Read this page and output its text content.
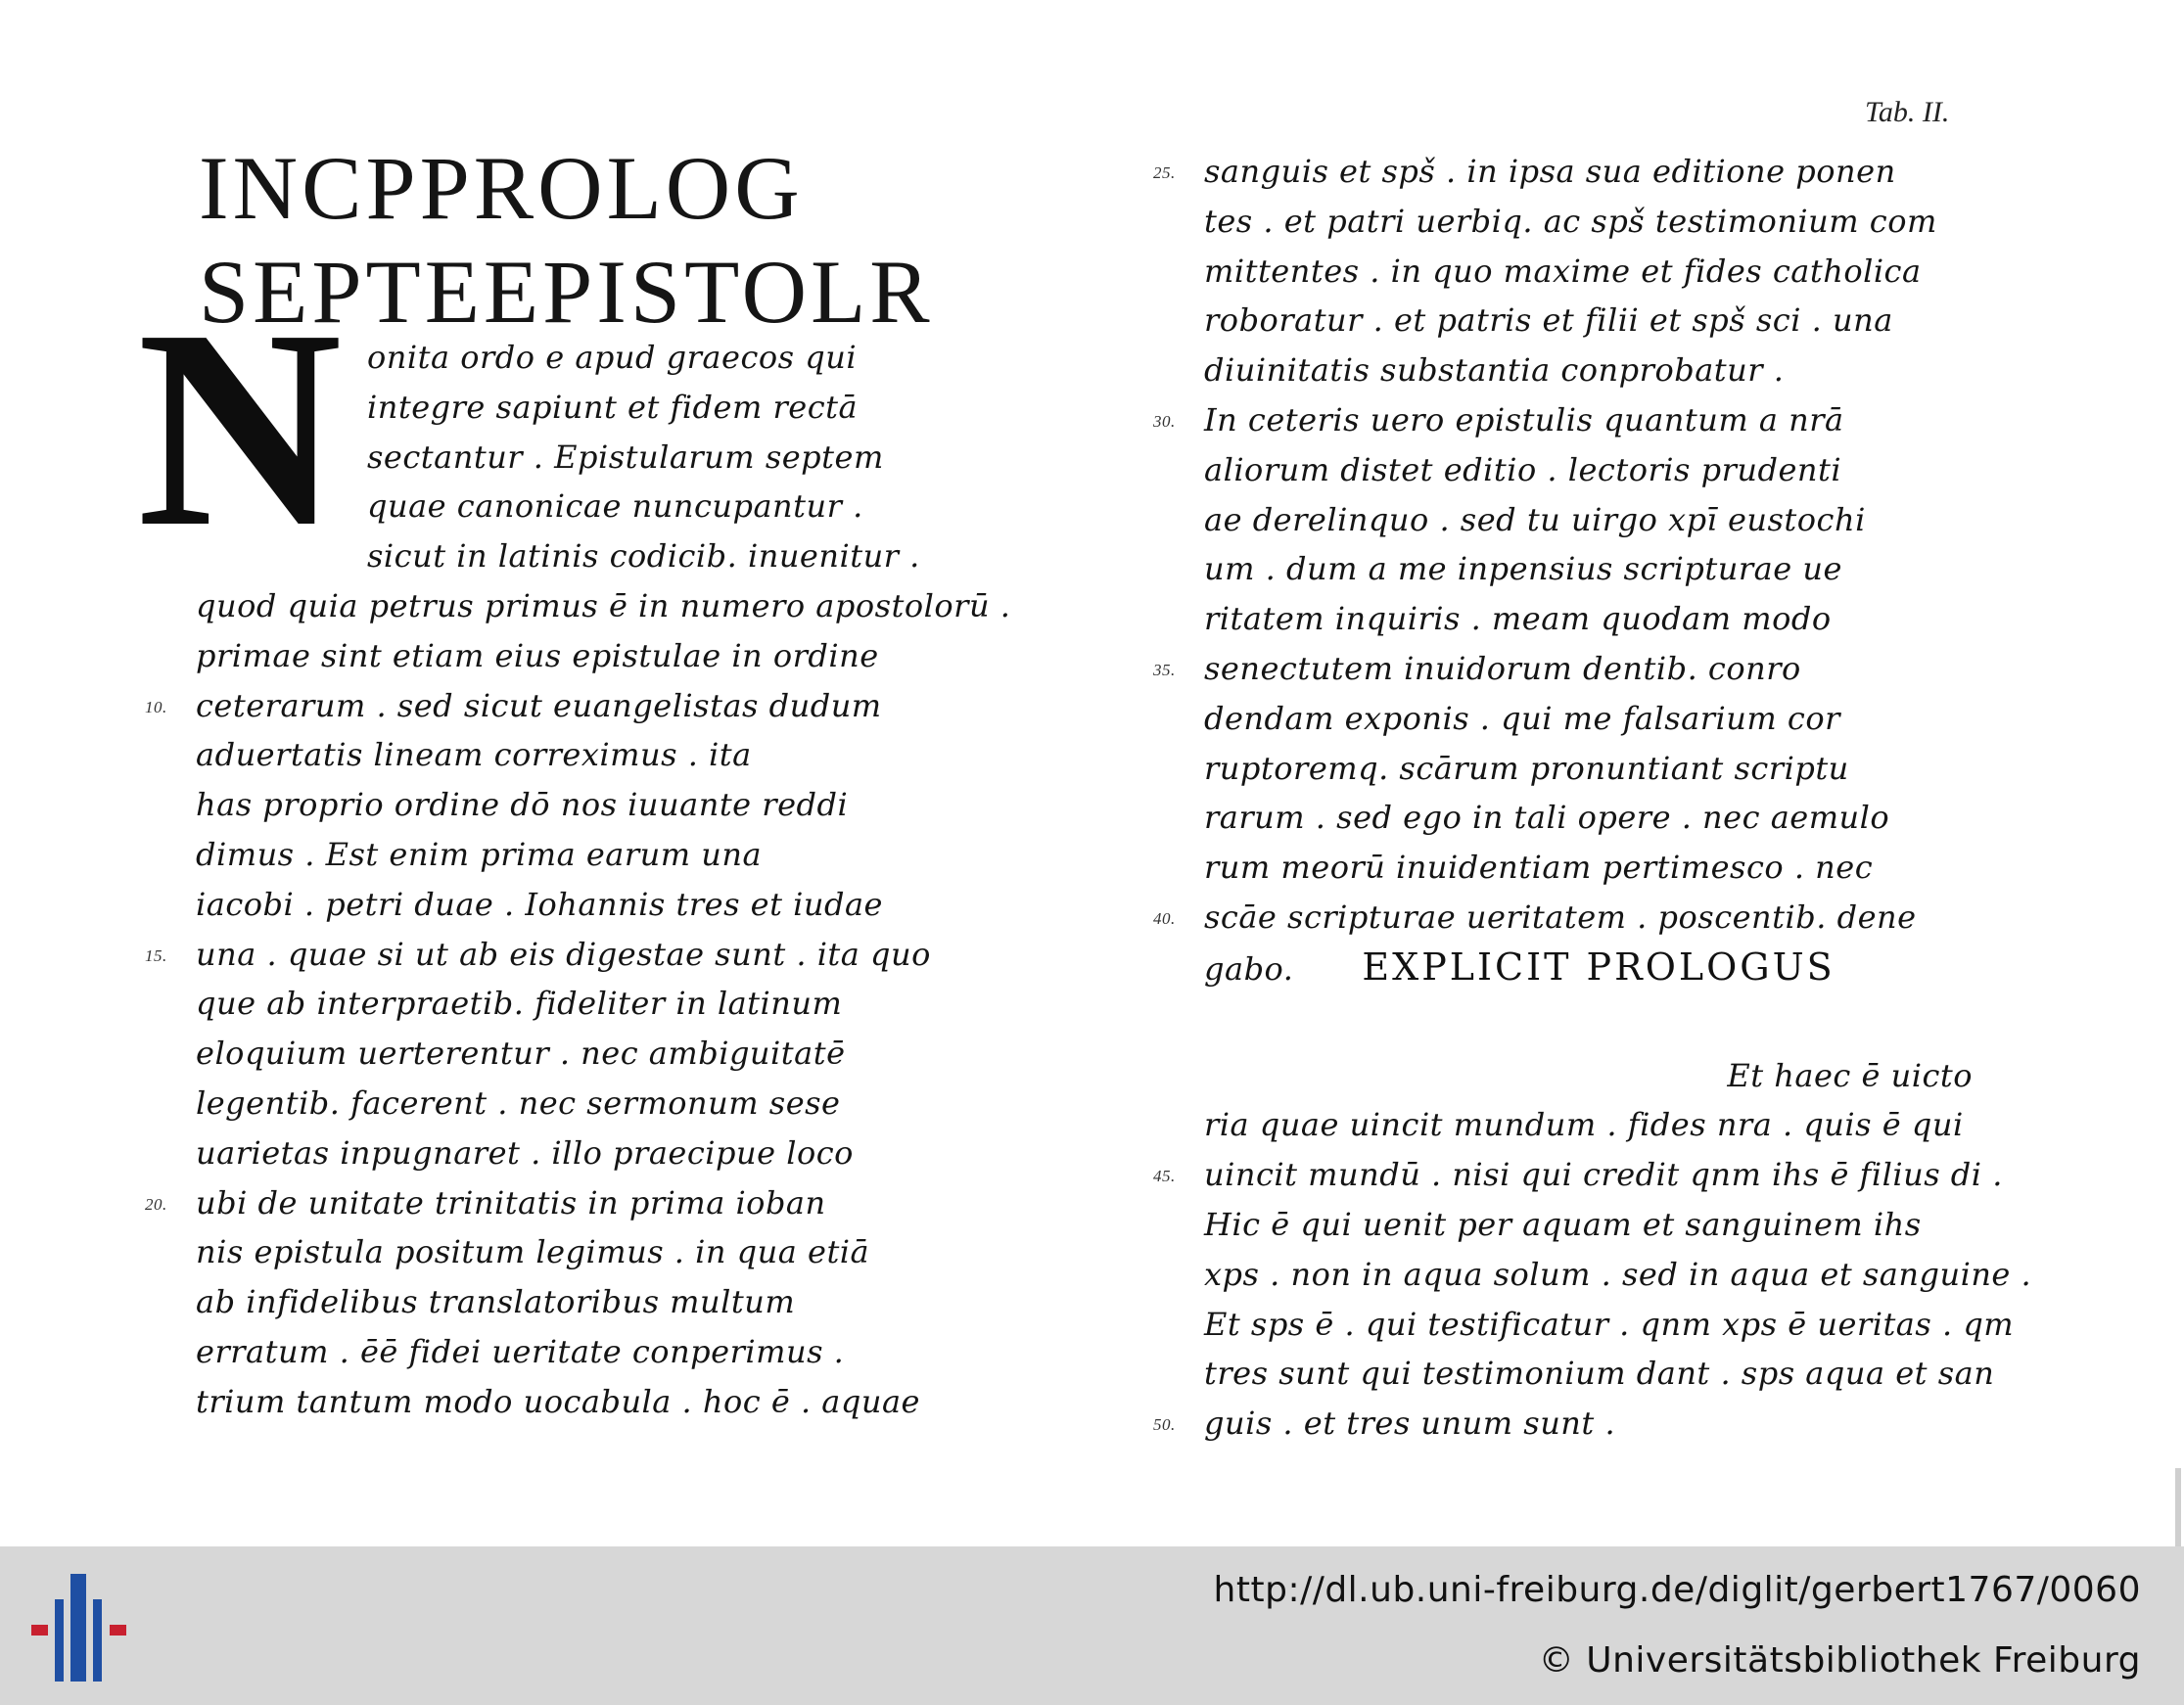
Tab. II.
INCPPROLOG
SEPTEEPISTOLR
N onita ordo e apud graecos qui
integre sapiunt et fidem rectā
sectantur . Epistularum septem
quae canonicae nuncupantur .
sicut in latinis codicib. inuenitur .
quod quia petrus primus ē in numero apostolorū .
primae sint etiam eius epistulae in ordine
10. ceterarum . sed sicut euangelistas dudum
aduertatis lineam correximus . ita
has proprio ordine dō nos iuuante reddi
dimus . Est enim prima earum una
iacobi . petri duae . Iohannis tres et iudae
15. una . quae si ut ab eis digestae sunt . ita quo
que ab interpraetib. fideliter in latinum
eloquium uerterentur . nec ambiguitatē
legentib. facerent . nec sermonum sese
uarietas inpugnaret . illo praecipue loco
20. ubi de unitate trinitatis in prima ioban
nis epistula positum legimus . in qua etiā
ab infidelibus translatoribus multum
erratum . ēē fidei ueritate conperimus .
trium tantum modo uocabula . hoc ē . aquae
25. sanguis et spš . in ipsa sua editione ponen
tes . et patri uerbiq. ac spš testimonium com
mittentes . in quo maxime et fides catholica
roboratur . et patris et filii et spš sci . una
diuinitatis substantia conprobatur .
30. In ceteris uero epistulis quantum a nrā
aliorum distet editio . lectoris prudenti
ae derelinquo . sed tu uirgo xpī eustochi
um . dum a me inpensius scripturae ue
ritatem inquiris . meam quodam modo
35. senectutem inuidorum dentib. conro
dendam exponis . qui me falsarium cor
ruptoremq. scārum pronuntiant scriptu
rarum . sed ego in tali opere . nec aemulo
rum meorū inuidentiam pertimesco . nec
40. scāe scripturae ueritatem . poscentib. dene
gabo. EXPLICIT PROLOGUS
Et haec ē uicto
ria quae uincit mundum . fides nra . quis ē qui
45. uincit mundū . nisi qui credit qnm ihs ē filius di .
Hic ē qui uenit per aquam et sanguinem ihs
xps . non in aqua solum . sed in aqua et sanguine .
Et sps ē . qui testificatur . qnm xps ē ueritas . qm
tres sunt qui testimonium dant . sps aqua et san
50. guis . et tres unum sunt .
http://dl.ub.uni-freiburg.de/diglit/gerbert1767/0060
© Universitätsbibliothek Freiburg
